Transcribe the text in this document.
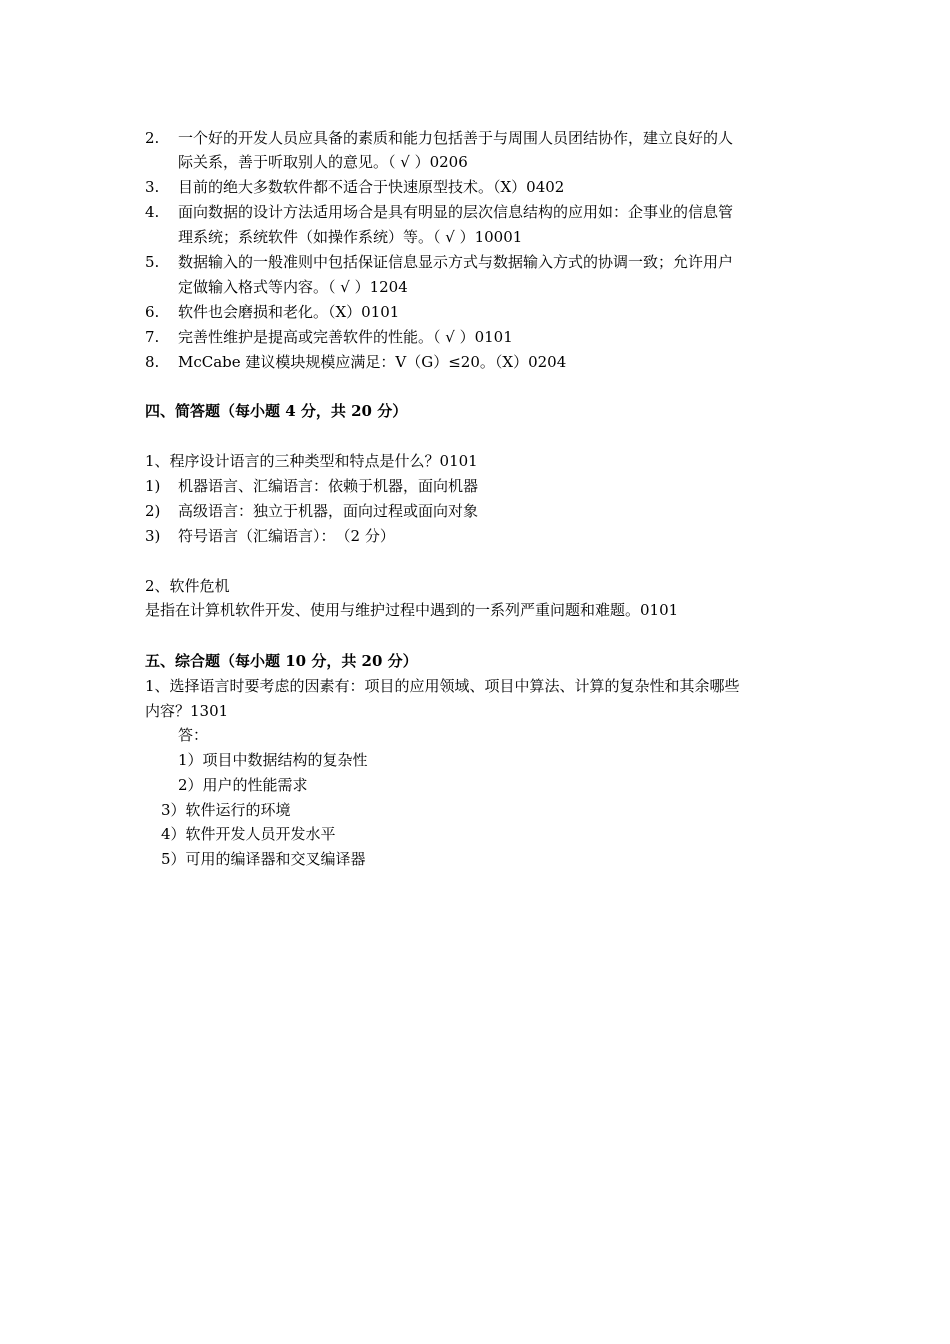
2.	一个好的开发人员应具备的素质和能力包括善于与周围人员团结协作，建立良好的人
际关系，善于听取别人的意见。（ √ ）0206
3.	目前的绝大多数软件都不适合于快速原型技术。（X）0402
4.	面向数据的设计方法适用场合是具有明显的层次信息结构的应用如：企事业的信息管
理系统；系统软件（如操作系统）等。（ √ ）10001
5.	数据输入的一般准则中包括保证信息显示方式与数据输入方式的协调一致；允许用户
定做输入格式等内容。（ √ ）1204
6.	软件也会磨损和老化。（X）0101
7.	完善性维护是提高或完善软件的性能。（ √ ）0101
8.	McCabe 建议模块规模应满足：V（G）≤20。（X）0204
四、简答题（每小题 4 分，共 20 分）
1、程序设计语言的三种类型和特点是什么？0101
1)	机器语言、汇编语言：依赖于机器，面向机器
2)	高级语言：独立于机器，面向过程或面向对象
3)	符号语言（汇编语言）：　（2 分）
2、软件危机
是指在计算机软件开发、使用与维护过程中遇到的一系列严重问题和难题。0101
五、综合题（每小题 10 分，共 20 分）
1、选择语言时要考虑的因素有：项目的应用领域、项目中算法、计算的复杂性和其余哪些
内容？1301
答：
1）项目中数据结构的复杂性
2）用户的性能需求
3）软件运行的环境
4）软件开发人员开发水平
5）可用的编译器和交叉编译器
